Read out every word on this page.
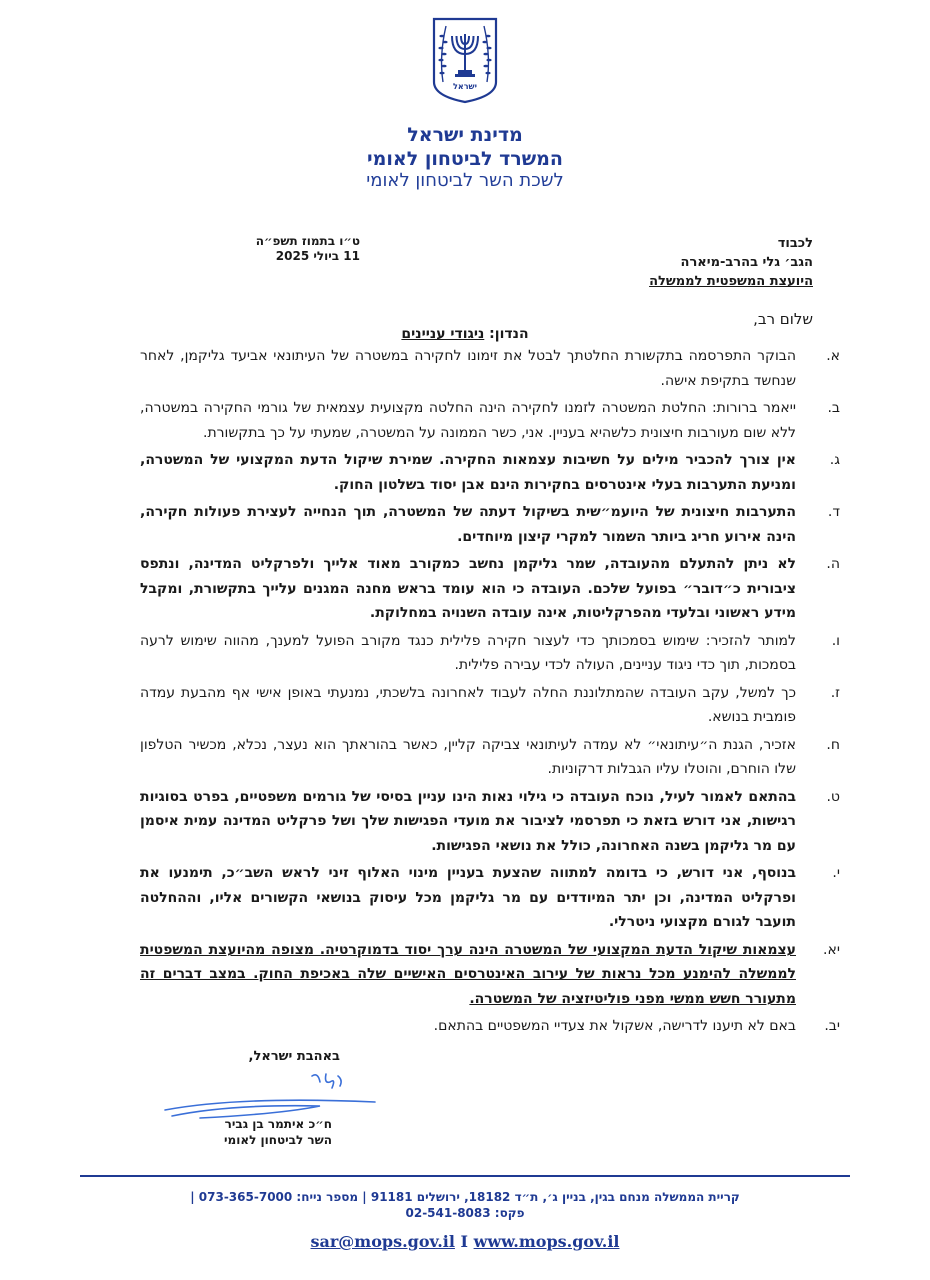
ישראל
מדינת ישראל
המשרד לביטחון לאומי
לשכת השר לביטחון לאומי
ט״ו בתמוז תשפ״ה
11 ביולי 2025
לכבוד
הגב׳ גלי בהרב-מיארה
היועצת המשפטית לממשלה
שלום רב,
הנדון: ניגודי עניינים
א.
הבוקר התפרסמה בתקשורת החלטתך לבטל את זימונו לחקירה במשטרה של העיתונאי אביעד גליקמן, לאחר שנחשד בתקיפת אישה.
ב.
ייאמר ברורות: החלטת המשטרה לזמנו לחקירה הינה החלטה מקצועית עצמאית של גורמי החקירה במשטרה, ללא שום מעורבות חיצונית כלשהיא בעניין. אני, כשר הממונה על המשטרה, שמעתי על כך בתקשורת.
ג.
אין צורך להכביר מילים על חשיבות עצמאות החקירה. שמירת שיקול הדעת המקצועי של המשטרה, ומניעת התערבות בעלי אינטרסים בחקירות הינם אבן יסוד בשלטון החוק.
ד.
התערבות חיצונית של היועמ״שית בשיקול דעתה של המשטרה, תוך הנחייה לעצירת פעולות חקירה, הינה אירוע חריג ביותר השמור למקרי קיצון מיוחדים.
ה.
לא ניתן להתעלם מהעובדה, שמר גליקמן נחשב כמקורב מאוד אלייך ולפרקליט המדינה, ונתפס ציבורית כ״דובר״ בפועל שלכם. העובדה כי הוא עומד בראש מחנה המגנים עלייך בתקשורת, ומקבל מידע ראשוני ובלעדי מהפרקליטות, אינה עובדה השנויה במחלוקת.
ו.
למותר להזכיר: שימוש בסמכותך כדי לעצור חקירה פלילית כנגד מקורב הפועל למענך, מהווה שימוש לרעה בסמכות, תוך כדי ניגוד עניינים, העולה לכדי עבירה פלילית.
ז.
כך למשל, עקב העובדה שהמתלוננת החלה לעבוד לאחרונה בלשכתי, נמנעתי באופן אישי אף מהבעת עמדה פומבית בנושא.
ח.
אזכיר, הגנת ה״עיתונאי״ לא עמדה לעיתונאי צביקה קליין, כאשר בהוראתך הוא נעצר, נכלא, מכשיר הטלפון שלו הוחרם, והוטלו עליו הגבלות דרקוניות.
ט.
בהתאם לאמור לעיל, נוכח העובדה כי גילוי נאות הינו עניין בסיסי של גורמים משפטיים, בפרט בסוגיות רגישות, אני דורש בזאת כי תפרסמי לציבור את מועדי הפגישות שלך ושל פרקליט המדינה עמית איסמן עם מר גליקמן בשנה האחרונה, כולל את נושאי הפגישות.
י.
בנוסף, אני דורש, כי בדומה למתווה שהצעת בעניין מינוי האלוף זיני לראש השב״כ, תימנעו את ופרקליט המדינה, וכן יתר המיודדים עם מר גליקמן מכל עיסוק בנושאי הקשורים אליו, וההחלטה תועבר לגורם מקצועי ניטרלי.
יא.
עצמאות שיקול הדעת המקצועי של המשטרה הינה ערך יסוד בדמוקרטיה. מצופה מהיועצת המשפטית לממשלה להימנע מכל נראות של עירוב האינטרסים האישיים שלה באכיפת החוק. במצב דברים זה מתעורר חשש ממשי מפני פוליטיזציה של המשטרה.
יב.
באם לא תיענו לדרישה, אשקול את צעדיי המשפטיים בהתאם.
באהבת ישראל,
ח״כ איתמר בן גביר
השר לביטחון לאומי
קריית הממשלה מנחם בגין, בניין ג׳, ת״ד 18182, ירושלים 91181 | מספר נייח: 073-365-7000 |
פקס: 02-541-8083
sar@mops.gov.il I www.mops.gov.il
